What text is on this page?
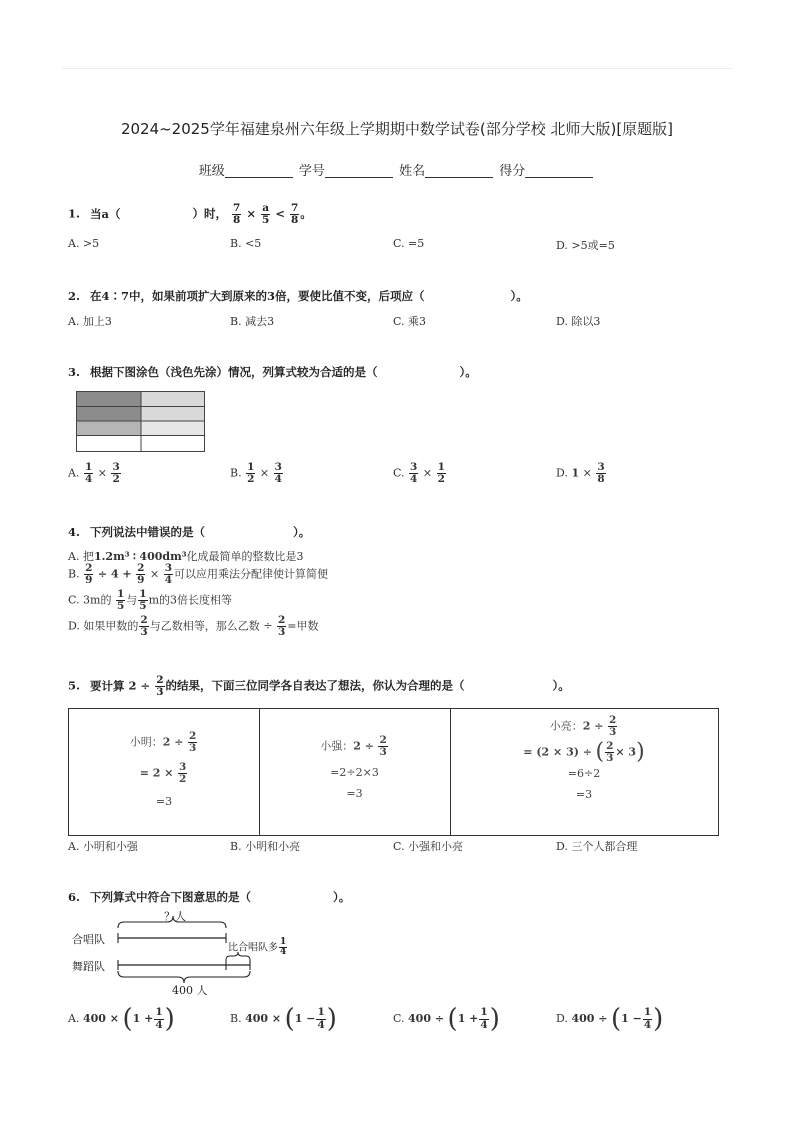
2024~2025学年福建泉州六年级上学期期中数学试卷(部分学校 北师大版)[原题版]
班级	学号	姓名	得分
1. 当a（	）时， $\frac{7}{8} \times \frac{a}{5} < \frac{7}{8}$ 。
A. >5	B. <5	C. =5	D. >5或=5
2. 在4∶7中，如果前项扩大到原来的3倍，要使比值不变，后项应（	）。
A. 加上3	B. 减去3	C. 乘3	D. 除以3
3. 根据下图涂色（浅色先涂）情况，列算式较为合适的是（	）。
A. $\frac{1}{4} \times \frac{3}{2}$	B. $\frac{1}{2} \times \frac{3}{4}$	C. $\frac{3}{4} \times \frac{1}{2}$	D. $1 \times \frac{3}{8}$
4. 下列说法中错误的是（	）。
A. 把1.2m³ ∶ 400dm³化成最简单的整数比是3
B. $\frac{2}{9} \div 4 + \frac{2}{9} \times \frac{3}{4}$ 可以应用乘法分配律使计算简便
C. 3m的 $\frac{1}{5}$ 与 $\frac{1}{5}$ m的3倍长度相等
D. 如果甲数的 $\frac{2}{3}$ 与乙数相等，那么乙数 ÷ $\frac{2}{3}$ =甲数
5. 要计算 $2 \div \frac{2}{3}$ 的结果，下面三位同学各自表达了想法，你认为合理的是（	）。
小明：$2 \div \frac{2}{3}$
= $2 \times \frac{3}{2}$
=3
小强：$2 \div \frac{2}{3}$
=2÷2×3
=3
小亮：$2 \div \frac{2}{3}$
= (2 × 3) ÷ ( $\frac{2}{3} \times 3$)
=6÷2
=3
A. 小明和小强	B. 小明和小亮	C. 小强和小亮	D. 三个人都合理
6. 下列算式中符合下图意思的是（	）。
？人
合唱队
舞蹈队
比合唱队多 $\frac{1}{4}$
400 人
A. $400 \times (1 + \frac{1}{4}$ )	B. $400 \times (1 - \frac{1}{4}$ )	C. $400 \div (1 + \frac{1}{4}$ )	D. $400 \div (1 - \frac{1}{4}$ )
